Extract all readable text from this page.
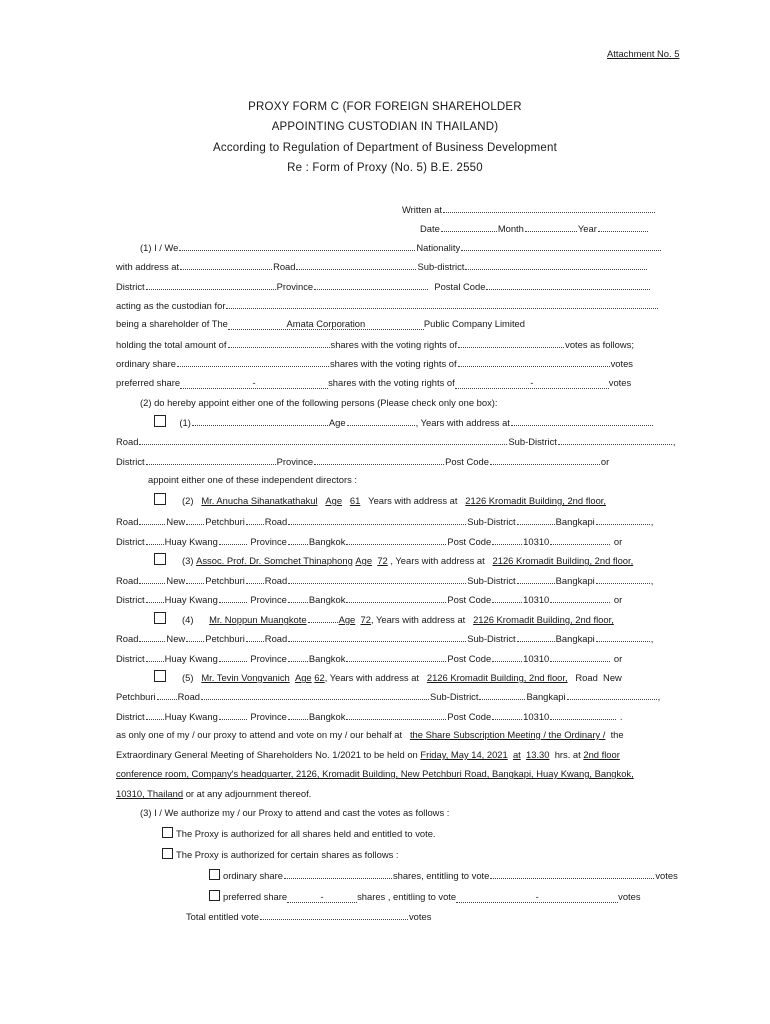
Attachment No. 5
PROXY FORM C (FOR FOREIGN SHAREHOLDER
APPOINTING CUSTODIAN IN THAILAND)
According to Regulation of Department of Business Development
Re : Form of Proxy (No. 5) B.E. 2550
Written at
Date	Month	Year
(1) I / We	Nationality
with address at	Road	Sub-district
District	Province	Postal Code
acting as the custodian for
being a shareholder of The	Amata Corporation	Public Company Limited
holding the total amount of	shares with the voting rights of	votes as follows;
ordinary share	shares with the voting rights of	votes
preferred share	-	shares with the voting rights of	-	votes
(2) do hereby appoint either one of the following persons (Please check only one box):
(1)	Age	, Years with address at
Road	Sub-District	,
District	Province	Post Code	or
appoint either one of these independent directors :
(2) Mr. Anucha Sihanatkathakul Age 61 Years with address at 2126 Kromadit Building, 2nd floor,
Road	New Petchburi Road	Sub-District	Bangkapi	,
District Huay Kwang	Province Bangkok	Post Code	10310	or
(3) Assoc. Prof. Dr. Somchet Thinaphong Age 72 , Years with address at 2126 Kromadit Building, 2nd floor,
Road	New Petchburi Road	Sub-District	Bangkapi	,
District Huay Kwang	Province Bangkok	Post Code	10310	or
(4) Mr. Noppun Muangkote	Age 72, Years with address at 2126 Kromadit Building, 2nd floor,
Road	New Petchburi Road	Sub-District	Bangkapi	,
District Huay Kwang	Province Bangkok	Post Code	10310	or
(5) Mr. Tevin Vongvanich Age 62, Years with address at 2126 Kromadit Building, 2nd floor, Road New
Petchburi Road	Sub-District	Bangkapi	,
District Huay Kwang	Province Bangkok	Post Code	10310	.
as only one of my / our proxy to attend and vote on my / our behalf at the Share Subscription Meeting / the Ordinary / the
Extraordinary General Meeting of Shareholders No. 1/2021 to be held on Friday, May 14, 2021 at 13.30 hrs. at 2nd floor
conference room, Company's headquarter, 2126, Kromadit Building, New Petchburi Road, Bangkapi, Huay Kwang, Bangkok,
10310, Thailand or at any adjournment thereof.
(3) I / We authorize my / our Proxy to attend and cast the votes as follows :
The Proxy is authorized for all shares held and entitled to vote.
The Proxy is authorized for certain shares as follows :
ordinary share	shares, entitling to vote	votes
preferred share	-	shares , entitling to vote	-	votes
Total entitled vote	votes
